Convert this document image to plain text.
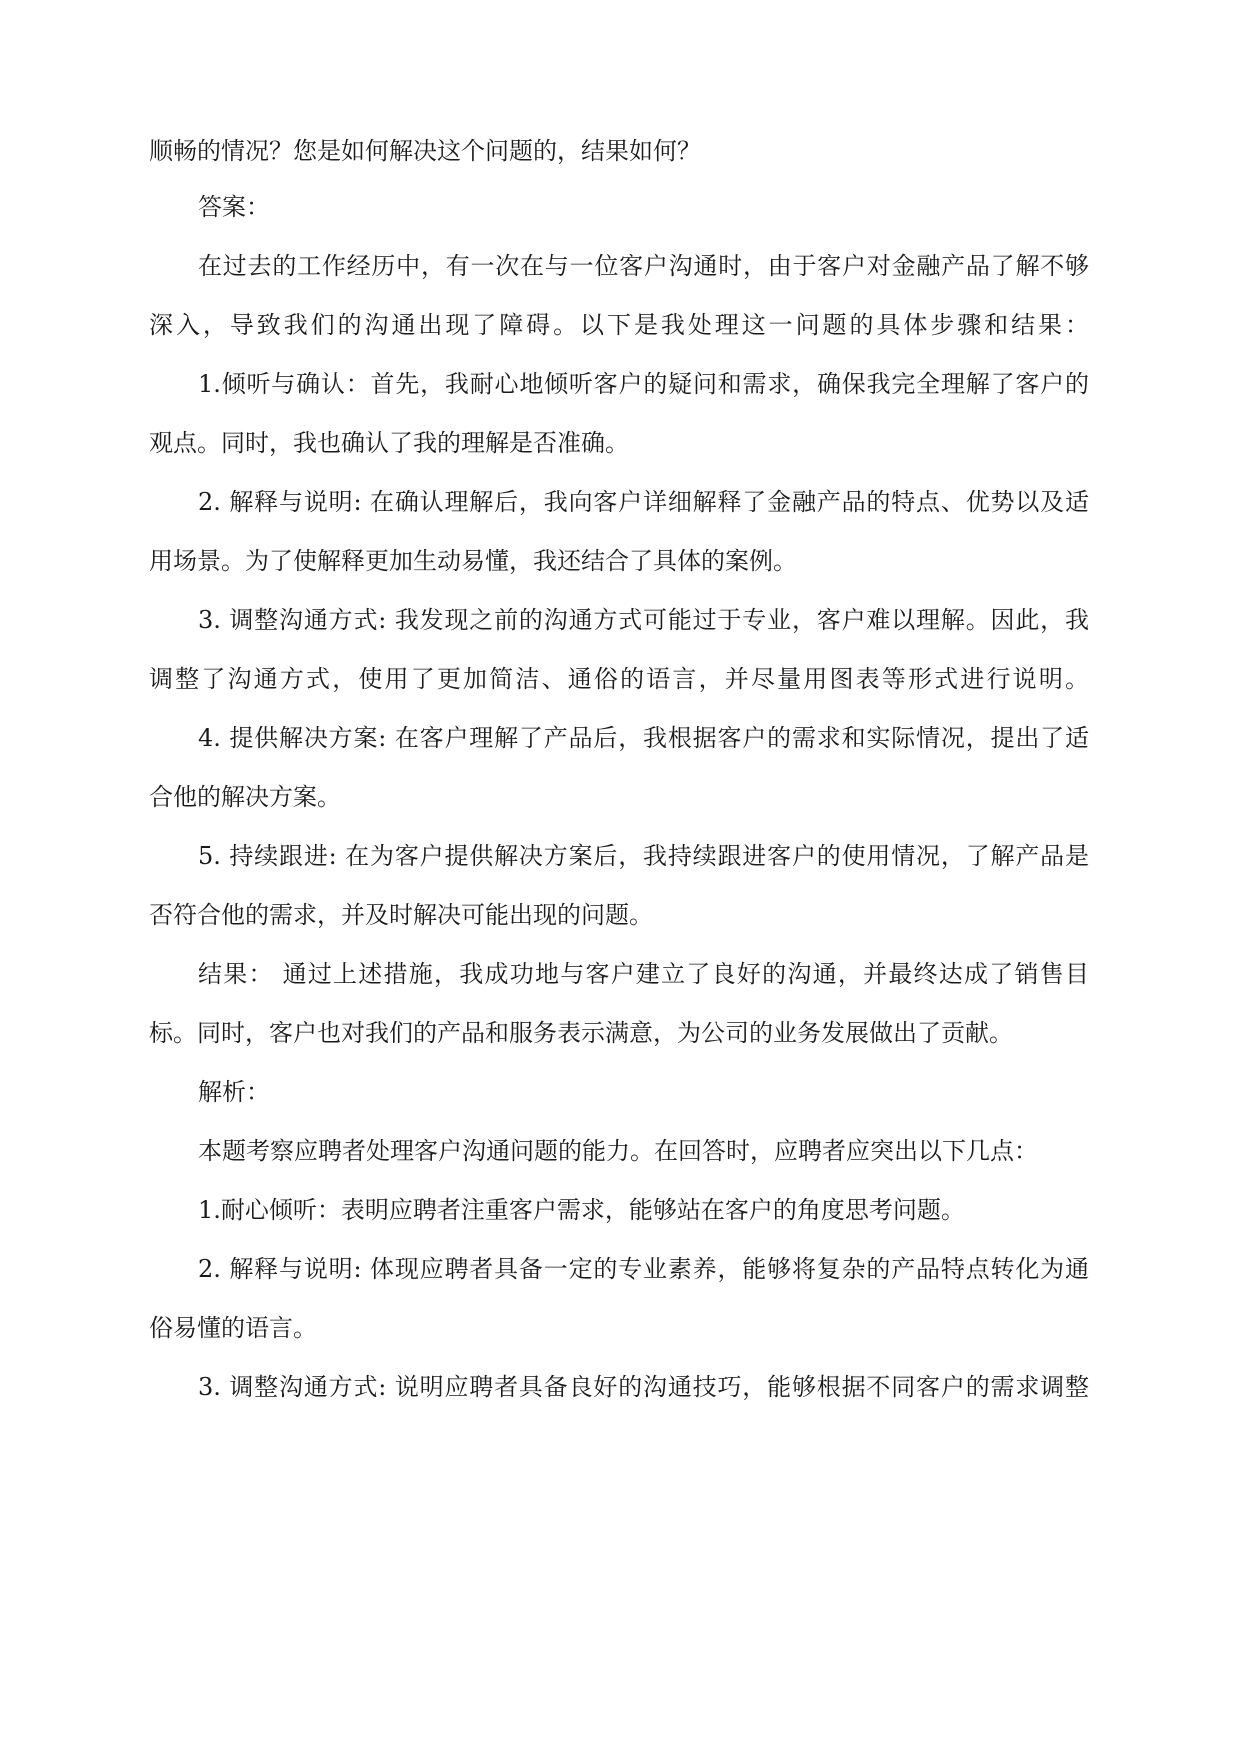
顺畅的情况？您是如何解决这个问题的，结果如何？

答案：

在过去的工作经历中，有一次在与一位客户沟通时，由于客户对金融产品了解不够

深入，导致我们的沟通出现了障碍。以下是我处理这一问题的具体步骤和结果：

1.倾听与确认：首先，我耐心地倾听客户的疑问和需求，确保我完全理解了客户的

观点。同时，我也确认了我的理解是否准确。

2. 解释与说明: 在确认理解后，我向客户详细解释了金融产品的特点、优势以及适

用场景。为了使解释更加生动易懂，我还结合了具体的案例。

3. 调整沟通方式: 我发现之前的沟通方式可能过于专业，客户难以理解。因此，我

调整了沟通方式，使用了更加简洁、通俗的语言，并尽量用图表等形式进行说明。

4. 提供解决方案: 在客户理解了产品后，我根据客户的需求和实际情况，提出了适

合他的解决方案。

5. 持续跟进: 在为客户提供解决方案后，我持续跟进客户的使用情况，了解产品是

否符合他的需求，并及时解决可能出现的问题。

结果： 通过上述措施，我成功地与客户建立了良好的沟通，并最终达成了销售目

标。同时，客户也对我们的产品和服务表示满意，为公司的业务发展做出了贡献。

解析：

本题考察应聘者处理客户沟通问题的能力。在回答时，应聘者应突出以下几点：

1.耐心倾听：表明应聘者注重客户需求，能够站在客户的角度思考问题。

2. 解释与说明: 体现应聘者具备一定的专业素养，能够将复杂的产品特点转化为通

俗易懂的语言。

3. 调整沟通方式: 说明应聘者具备良好的沟通技巧，能够根据不同客户的需求调整
